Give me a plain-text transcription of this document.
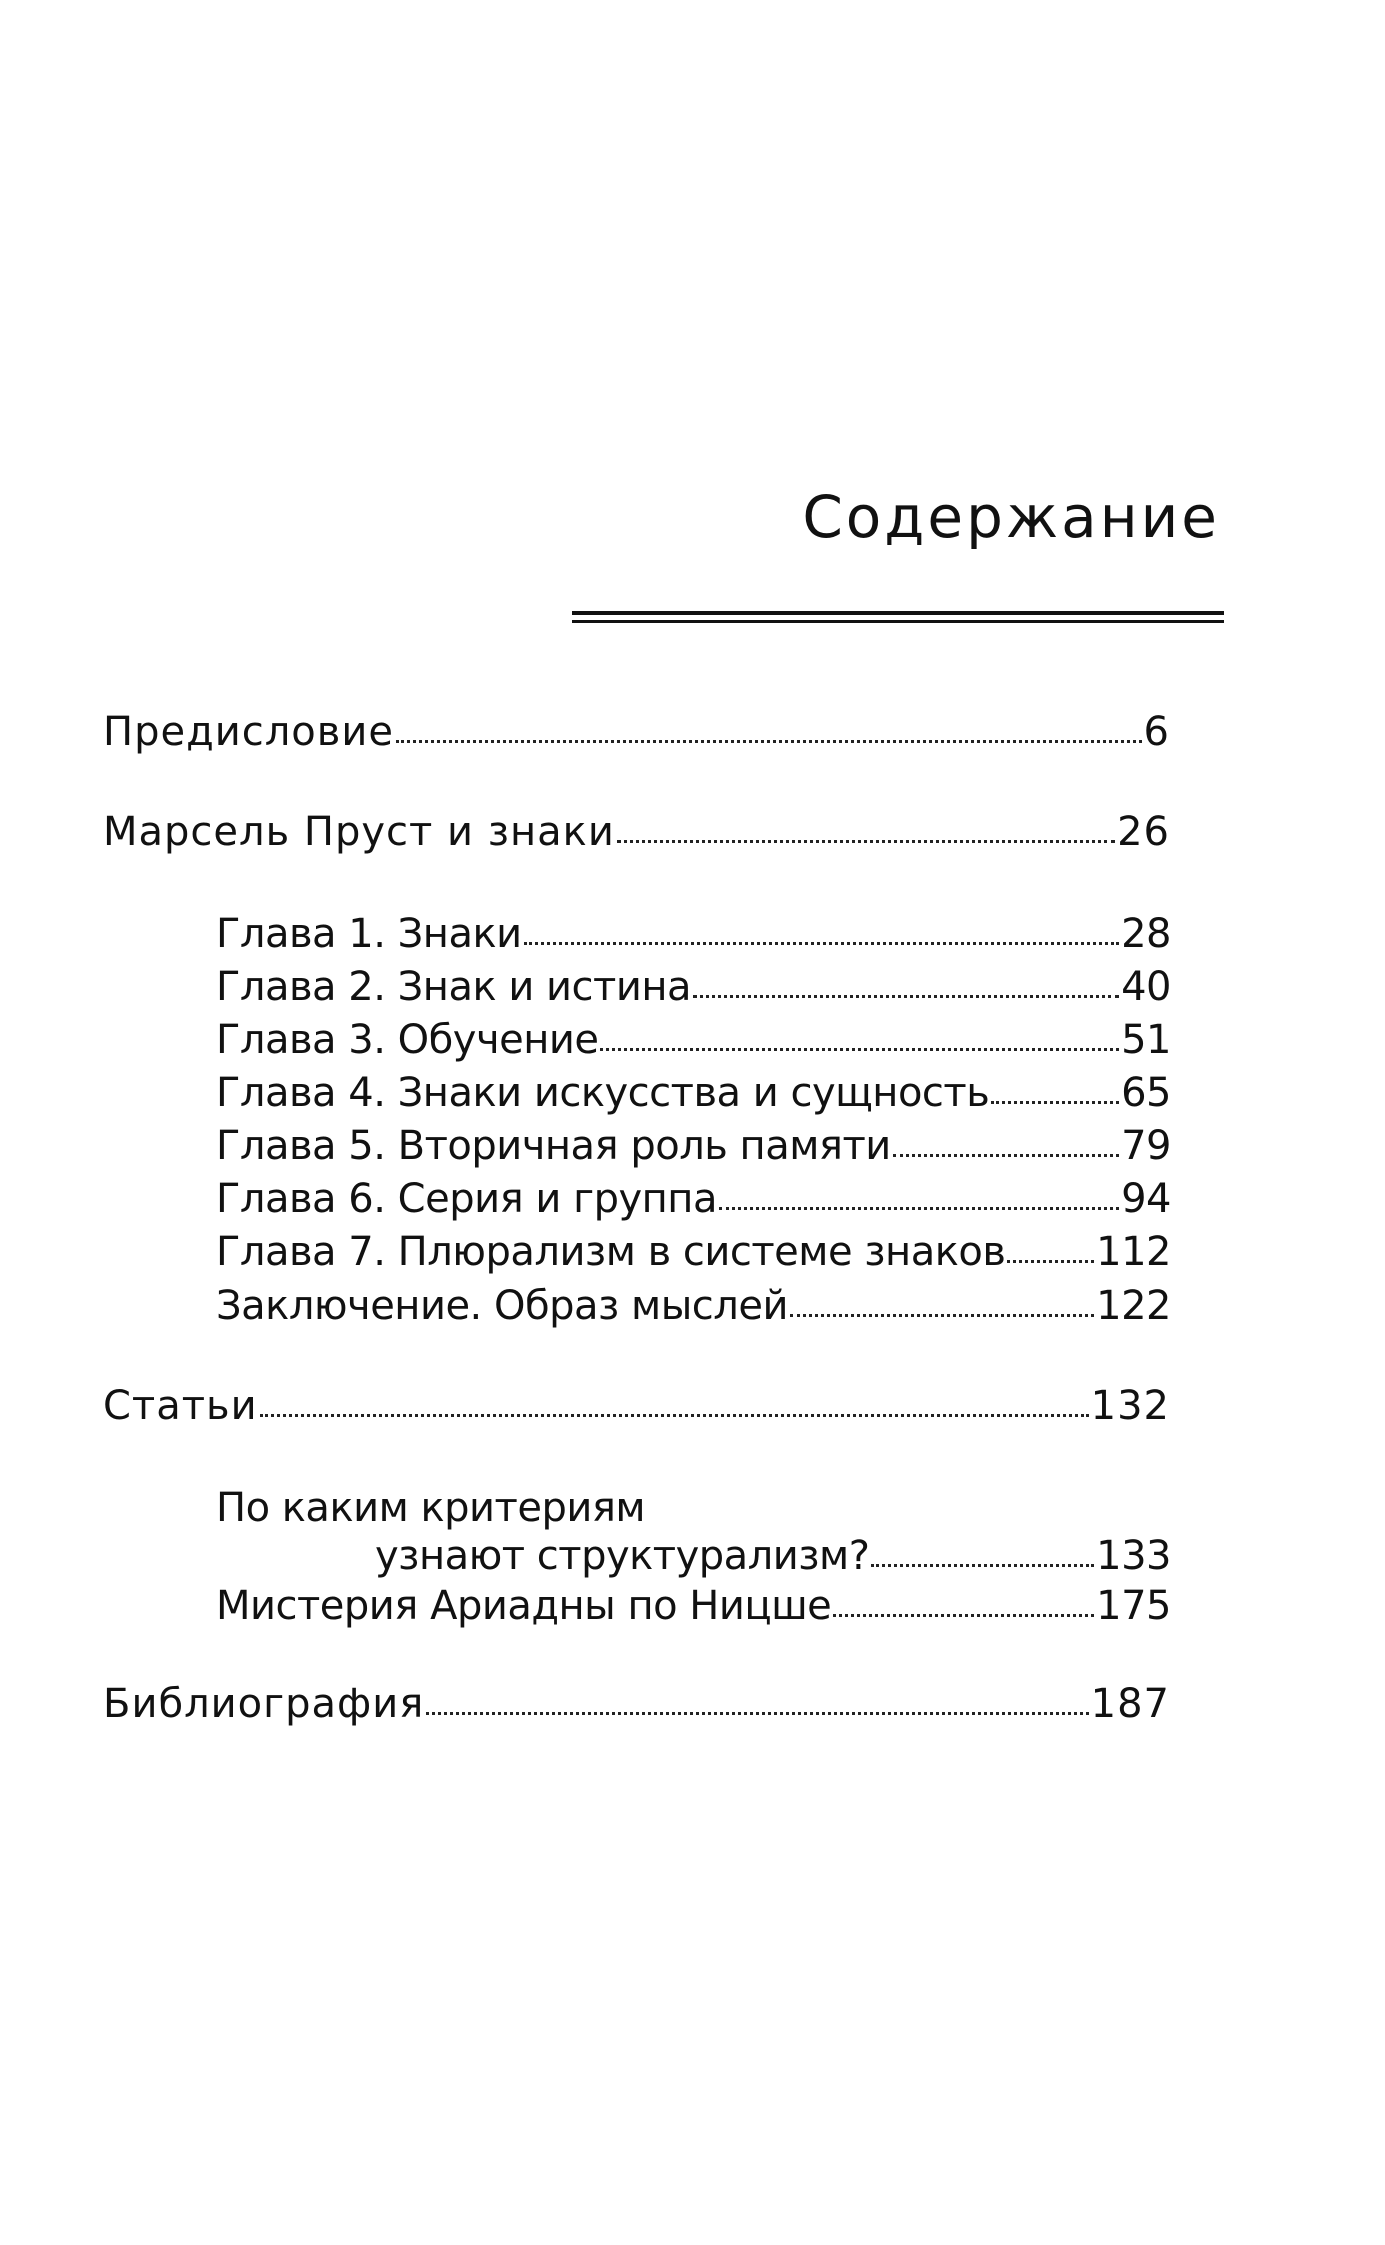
Содержание
Предисловие	6
Марсель Пруст и знаки	26
Глава 1. Знаки	28
Глава 2. Знак и истина	40
Глава 3. Обучение	51
Глава 4. Знаки искусства и сущность	65
Глава 5. Вторичная роль памяти	79
Глава 6. Серия и группа	94
Глава 7. Плюрализм в системе знаков 112
Заключение. Образ мыслей	122
Статьи	132
По каким критериям
узнают структурализм?	133
Мистерия Ариадны по Ницше	175
Библиография	187
